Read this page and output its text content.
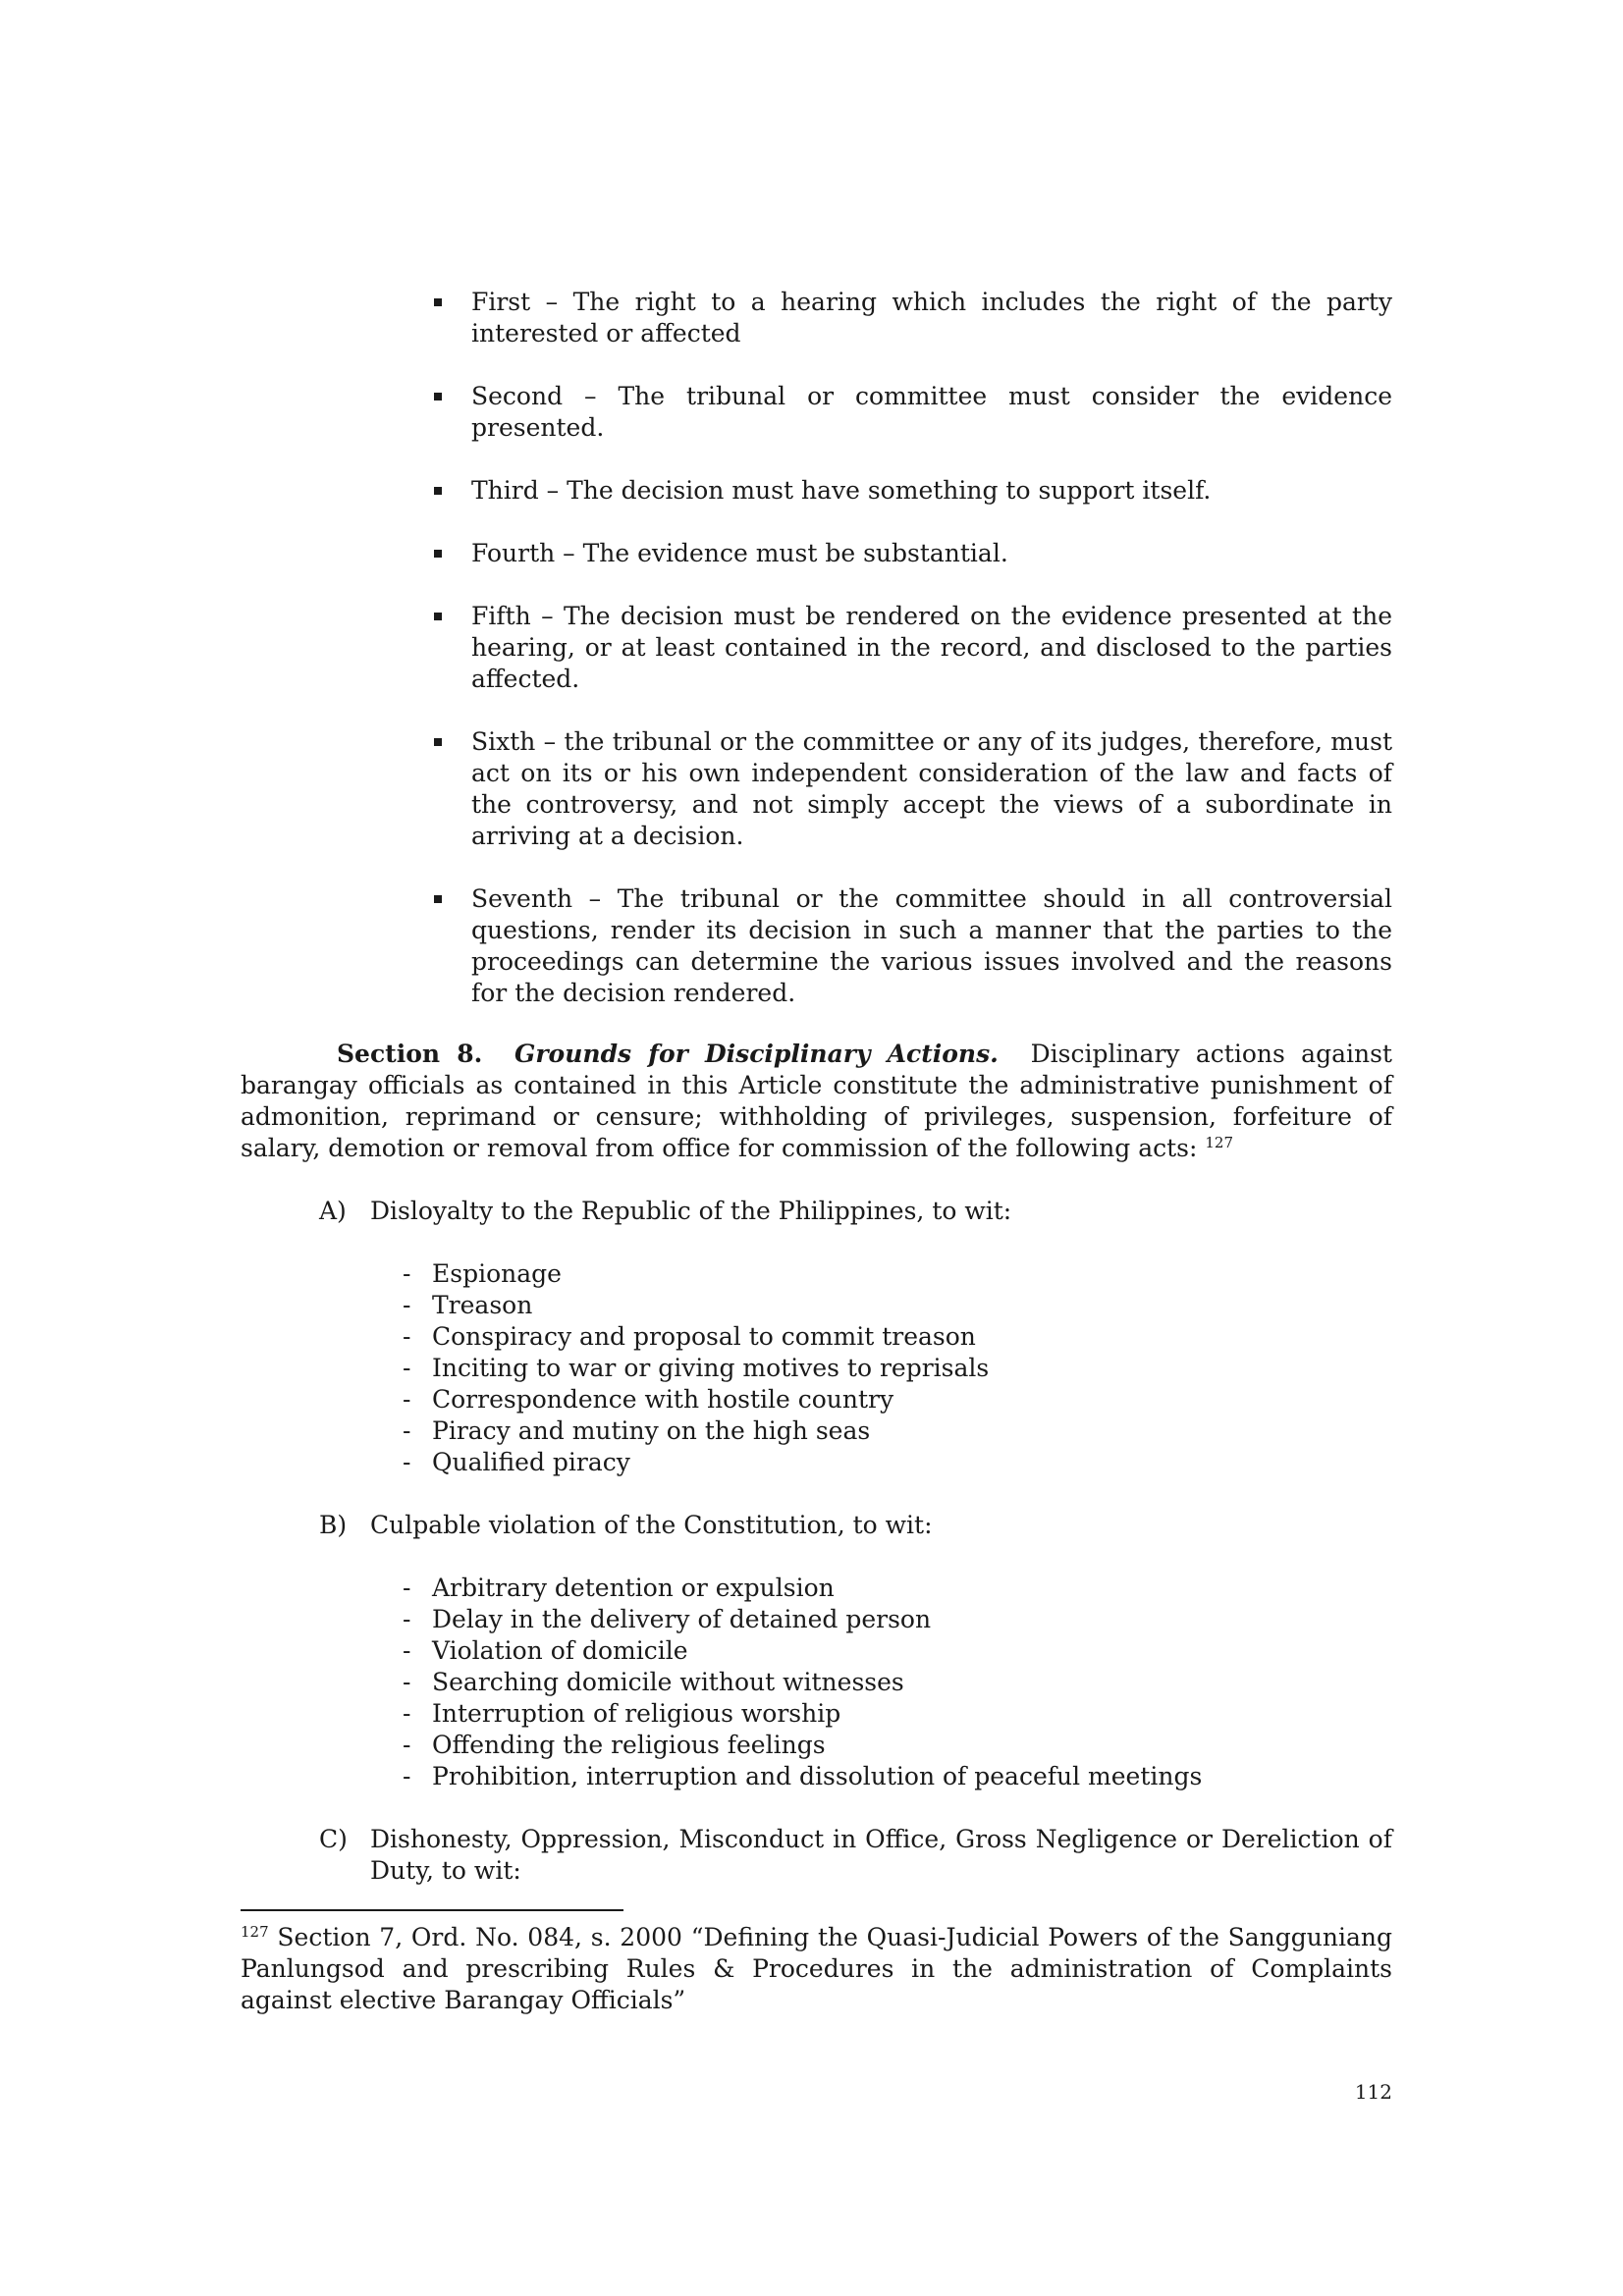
First – The right to a hearing which includes the right of the party interested or affected
Second – The tribunal or committee must consider the evidence presented.
Third – The decision must have something to support itself.
Fourth – The evidence must be substantial.
Fifth – The decision must be rendered on the evidence presented at the hearing, or at least contained in the record, and disclosed to the parties affected.
Sixth – the tribunal or the committee or any of its judges, therefore, must act on its or his own independent consideration of the law and facts of the controversy, and not simply accept the views of a subordinate in arriving at a decision.
Seventh – The tribunal or the committee should in all controversial questions, render its decision in such a manner that the parties to the proceedings can determine the various issues involved and the reasons for the decision rendered.

Section 8. Grounds for Disciplinary Actions. Disciplinary actions against barangay officials as contained in this Article constitute the administrative punishment of admonition, reprimand or censure; withholding of privileges, suspension, forfeiture of salary, demotion or removal from office for commission of the following acts: $^{127}$

A) Disloyalty to the Republic of the Philippines, to wit:

- Espionage
- Treason
- Conspiracy and proposal to commit treason
- Inciting to war or giving motives to reprisals
- Correspondence with hostile country
- Piracy and mutiny on the high seas
- Qualified piracy

B) Culpable violation of the Constitution, to wit:

- Arbitrary detention or expulsion
- Delay in the delivery of detained person
- Violation of domicile
- Searching domicile without witnesses
- Interruption of religious worship
- Offending the religious feelings
- Prohibition, interruption and dissolution of peaceful meetings

C) Dishonesty, Oppression, Misconduct in Office, Gross Negligence or Dereliction of Duty, to wit:

$^{127}$ Section 7, Ord. No. 084, s. 2000 “Defining the Quasi-Judicial Powers of the Sangguniang Panlungsod and prescribing Rules & Procedures in the administration of Complaints against elective Barangay Officials”

112
